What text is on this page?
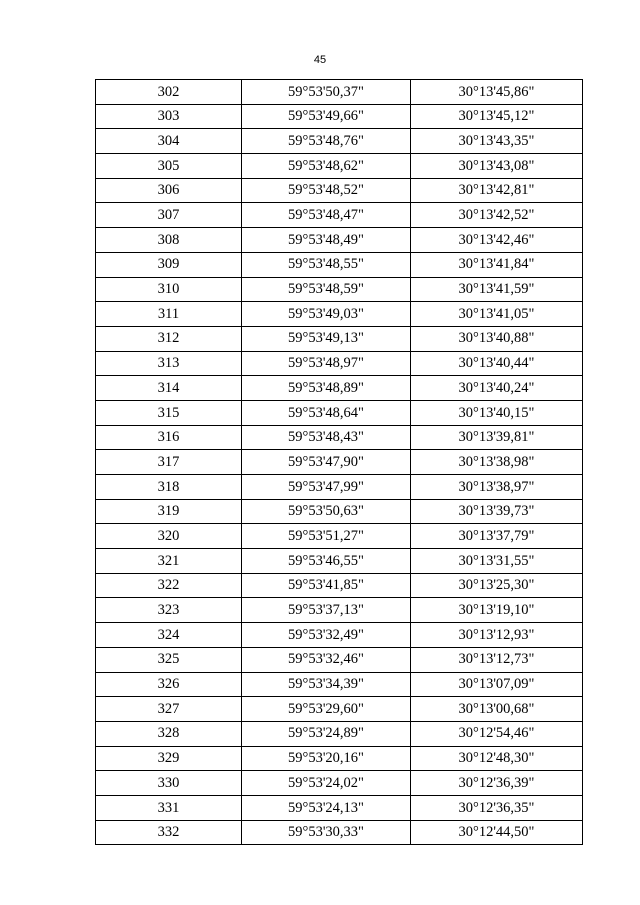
45
302	59°53'50,37"	30°13'45,86"
303	59°53'49,66"	30°13'45,12"
304	59°53'48,76"	30°13'43,35"
305	59°53'48,62"	30°13'43,08"
306	59°53'48,52"	30°13'42,81"
307	59°53'48,47"	30°13'42,52"
308	59°53'48,49"	30°13'42,46"
309	59°53'48,55"	30°13'41,84"
310	59°53'48,59"	30°13'41,59"
311	59°53'49,03"	30°13'41,05"
312	59°53'49,13"	30°13'40,88"
313	59°53'48,97"	30°13'40,44"
314	59°53'48,89"	30°13'40,24"
315	59°53'48,64"	30°13'40,15"
316	59°53'48,43"	30°13'39,81"
317	59°53'47,90"	30°13'38,98"
318	59°53'47,99"	30°13'38,97"
319	59°53'50,63"	30°13'39,73"
320	59°53'51,27"	30°13'37,79"
321	59°53'46,55"	30°13'31,55"
322	59°53'41,85"	30°13'25,30"
323	59°53'37,13"	30°13'19,10"
324	59°53'32,49"	30°13'12,93"
325	59°53'32,46"	30°13'12,73"
326	59°53'34,39"	30°13'07,09"
327	59°53'29,60"	30°13'00,68"
328	59°53'24,89"	30°12'54,46"
329	59°53'20,16"	30°12'48,30"
330	59°53'24,02"	30°12'36,39"
331	59°53'24,13"	30°12'36,35"
332	59°53'30,33"	30°12'44,50"
